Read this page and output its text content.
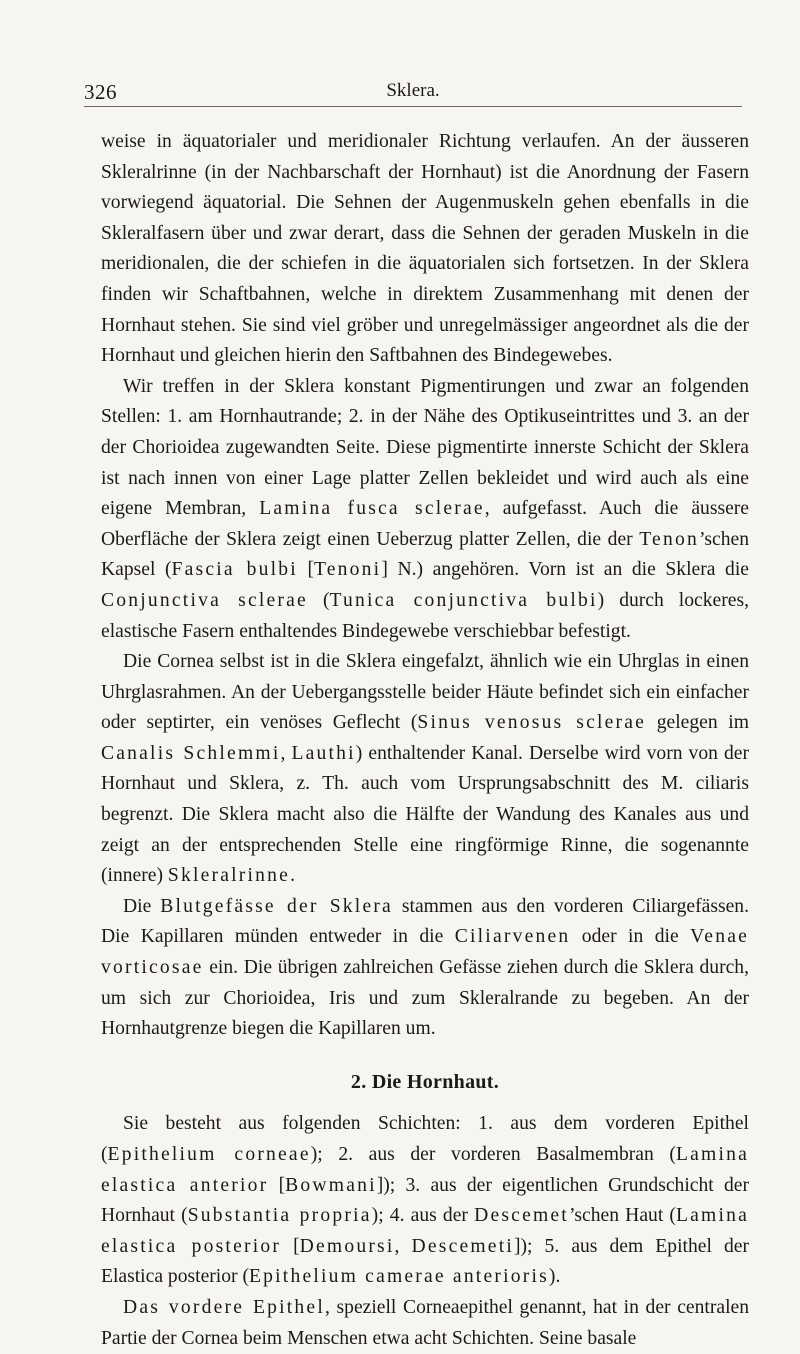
326	Sklera.

weise in äquatorialer und meridionaler Richtung verlaufen. An der äusseren Skleralrinne (in der Nachbarschaft der Hornhaut) ist die Anordnung der Fasern vorwiegend äquatorial. Die Sehnen der Augenmuskeln gehen ebenfalls in die Skleralfasern über und zwar derart, dass die Sehnen der geraden Muskeln in die meridionalen, die der schiefen in die äquatorialen sich fortsetzen. In der Sklera finden wir Schaftbahnen, welche in direktem Zusammenhang mit denen der Hornhaut stehen. Sie sind viel gröber und unregelmässiger angeordnet als die der Hornhaut und gleichen hierin den Saftbahnen des Bindegewebes.

Wir treffen in der Sklera konstant Pigmentirungen und zwar an folgenden Stellen: 1. am Hornhautrande; 2. in der Nähe des Optikuseintrittes und 3. an der der Chorioidea zugewandten Seite. Diese pigmentirte innerste Schicht der Sklera ist nach innen von einer Lage platter Zellen bekleidet und wird auch als eine eigene Membran, Lamina fusca sclerae, aufgefasst. Auch die äussere Oberfläche der Sklera zeigt einen Ueberzug platter Zellen, die der Tenon’schen Kapsel (Fascia bulbi [Tenoni] N.) angehören. Vorn ist an die Sklera die Conjunctiva sclerae (Tunica conjunctiva bulbi) durch lockeres, elastische Fasern enthaltendes Bindegewebe verschiebbar befestigt.

Die Cornea selbst ist in die Sklera eingefalzt, ähnlich wie ein Uhrglas in einen Uhrglasrahmen. An der Uebergangsstelle beider Häute befindet sich ein einfacher oder septirter, ein venöses Geflecht (Sinus venosus sclerae gelegen im Canalis Schlemmi, Lauthi) enthaltender Kanal. Derselbe wird vorn von der Hornhaut und Sklera, z. Th. auch vom Ursprungsabschnitt des M. ciliaris begrenzt. Die Sklera macht also die Hälfte der Wandung des Kanales aus und zeigt an der entsprechenden Stelle eine ringförmige Rinne, die sogenannte (innere) Skleralrinne.

Die Blutgefässe der Sklera stammen aus den vorderen Ciliargefässen. Die Kapillaren münden entweder in die Ciliarvenen oder in die Venae vorticosae ein. Die übrigen zahlreichen Gefässe ziehen durch die Sklera durch, um sich zur Chorioidea, Iris und zum Skleralrande zu begeben. An der Hornhautgrenze biegen die Kapillaren um.

2. Die Hornhaut.

Sie besteht aus folgenden Schichten: 1. aus dem vorderen Epithel (Epithelium corneae); 2. aus der vorderen Basalmembran (Lamina elastica anterior [Bowmani]); 3. aus der eigentlichen Grundschicht der Hornhaut (Substantia propria); 4. aus der Descemet’schen Haut (Lamina elastica posterior [Demoursi, Descemeti]); 5. aus dem Epithel der Elastica posterior (Epithelium camerae anterioris).

Das vordere Epithel, speziell Corneaepithel genannt, hat in der centralen Partie der Cornea beim Menschen etwa acht Schichten. Seine basale
